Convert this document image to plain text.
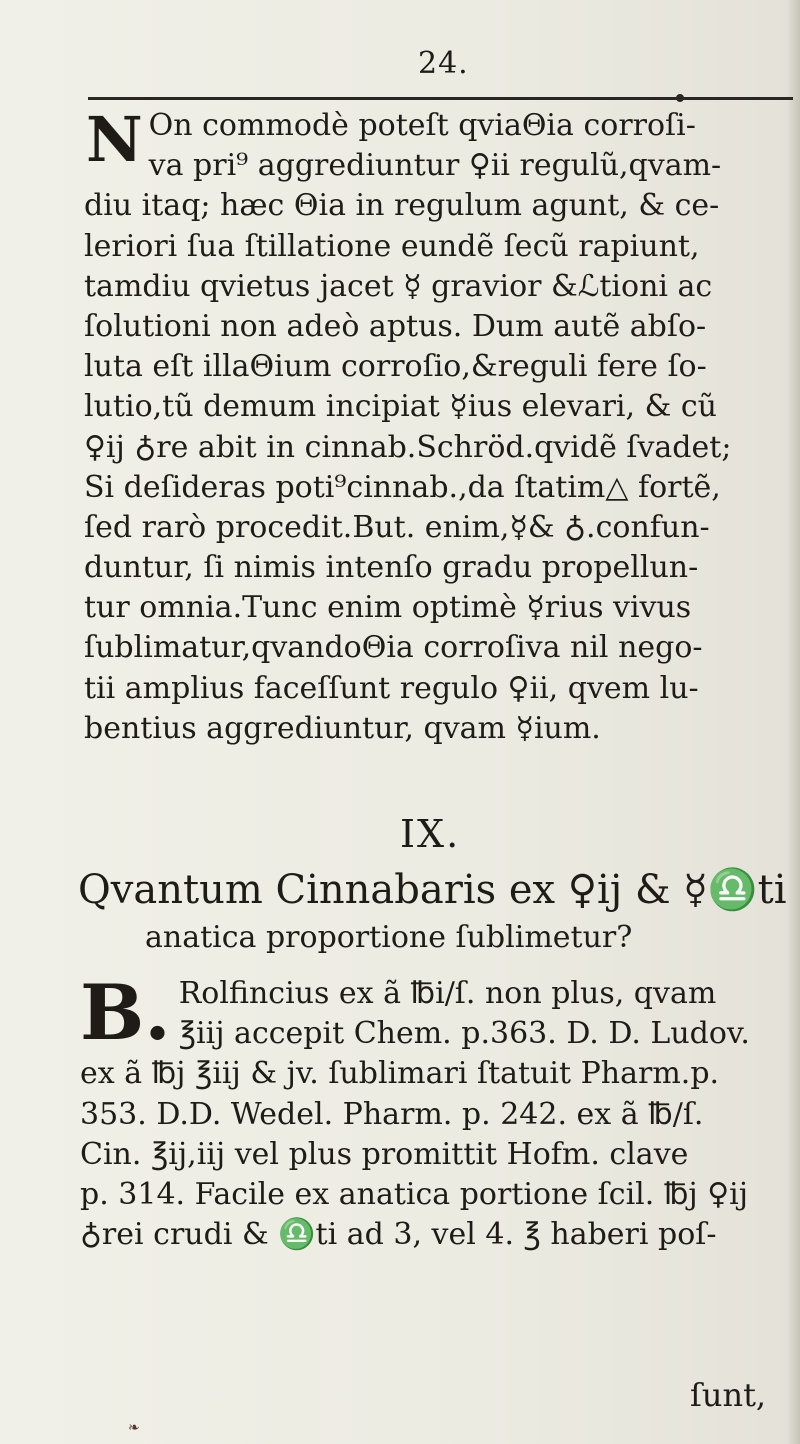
24.
N On commodè poteſt qviaΘia corroſi-
va pri⁹ aggrediuntur ♀ii regulũ,qvam-
diu itaq; hæc Θia in regulum agunt, & ce-
leriori ſua ſtillatione eundẽ ſecũ rapiunt,
tamdiu qvietus jacet ☿ gravior &ℒtioni ac
ſolutioni non adeò aptus. Dum autẽ abſo-
luta eſt illaΘium corroſio,&reguli fere ſo-
lutio,tũ demum incipiat ☿ius elevari, & cũ
♀ij ♁re abit in cinnab.Schröd.qvidẽ ſvadet;
Si deſideras poti⁹cinnab.,da ſtatim△ fortẽ,
ſed rarò procedit.But. enim,☿& ♁.confun-
duntur, ſi nimis intenſo gradu propellun-
tur omnia.Tunc enim optimè ☿rius vivus
ſublimatur,qvandoΘia corroſiva nil nego-
tii amplius faceſſunt regulo ♀ii, qvem lu-
bentius aggrediuntur, qvam ☿ium.
IX.
Qvantum Cinnabaris ex ♀ij & ☿♎ti
anatica proportione ſublimetur?
B. Rolfincius ex ã ℔i/ſ. non plus, qvam
℥iij accepit Chem. p.363. D. D. Ludov.
ex ã ℔j ℥iij & jv. ſublimari ſtatuit Pharm.p.
353. D.D. Wedel. Pharm. p. 242. ex ã ℔/ſ.
Cin. ℥ij,iij vel plus promittit Hofm. clave
p. 314. Facile ex anatica portione ſcil. ℔j ♀ij
♁rei crudi & ♎ti ad 3, vel 4. ℥ haberi poſ-
ſunt,
❧
